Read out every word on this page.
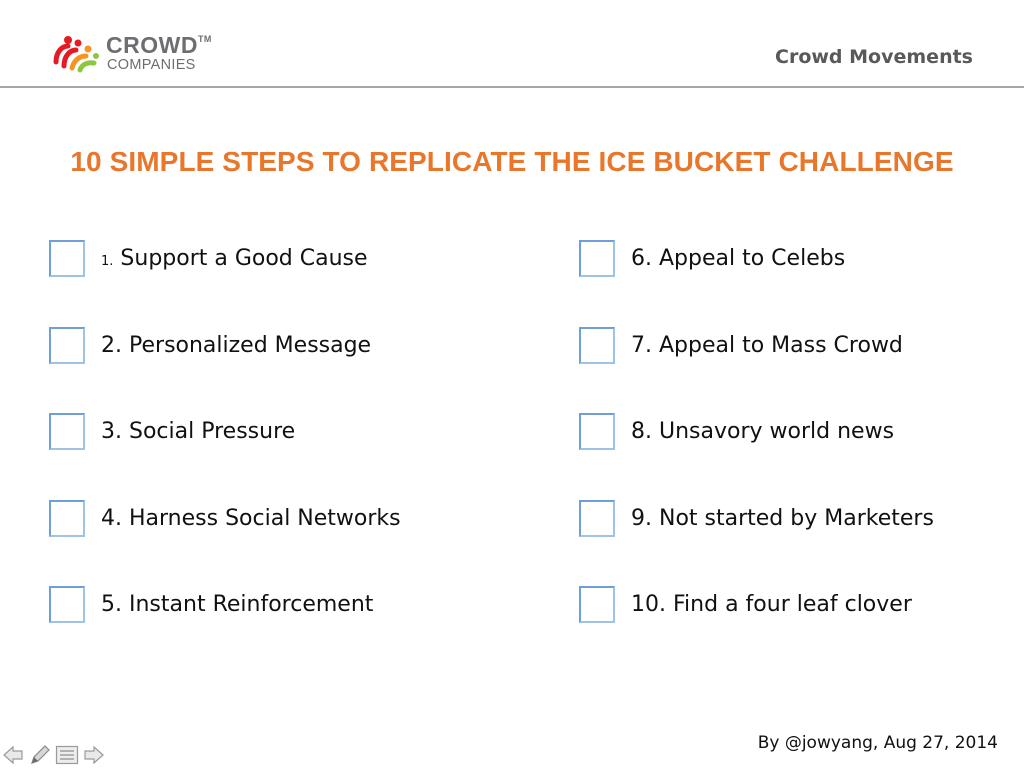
CROWD™
COMPANIES	Crowd Movements
10 SIMPLE STEPS TO REPLICATE THE ICE BUCKET CHALLENGE
1. Support a Good Cause
2. Personalized Message
3. Social Pressure
4. Harness Social Networks
5. Instant Reinforcement
6. Appeal to Celebs
7. Appeal to Mass Crowd
8. Unsavory world news
9. Not started by Marketers
10. Find a four leaf clover
By @jowyang, Aug 27, 2014
